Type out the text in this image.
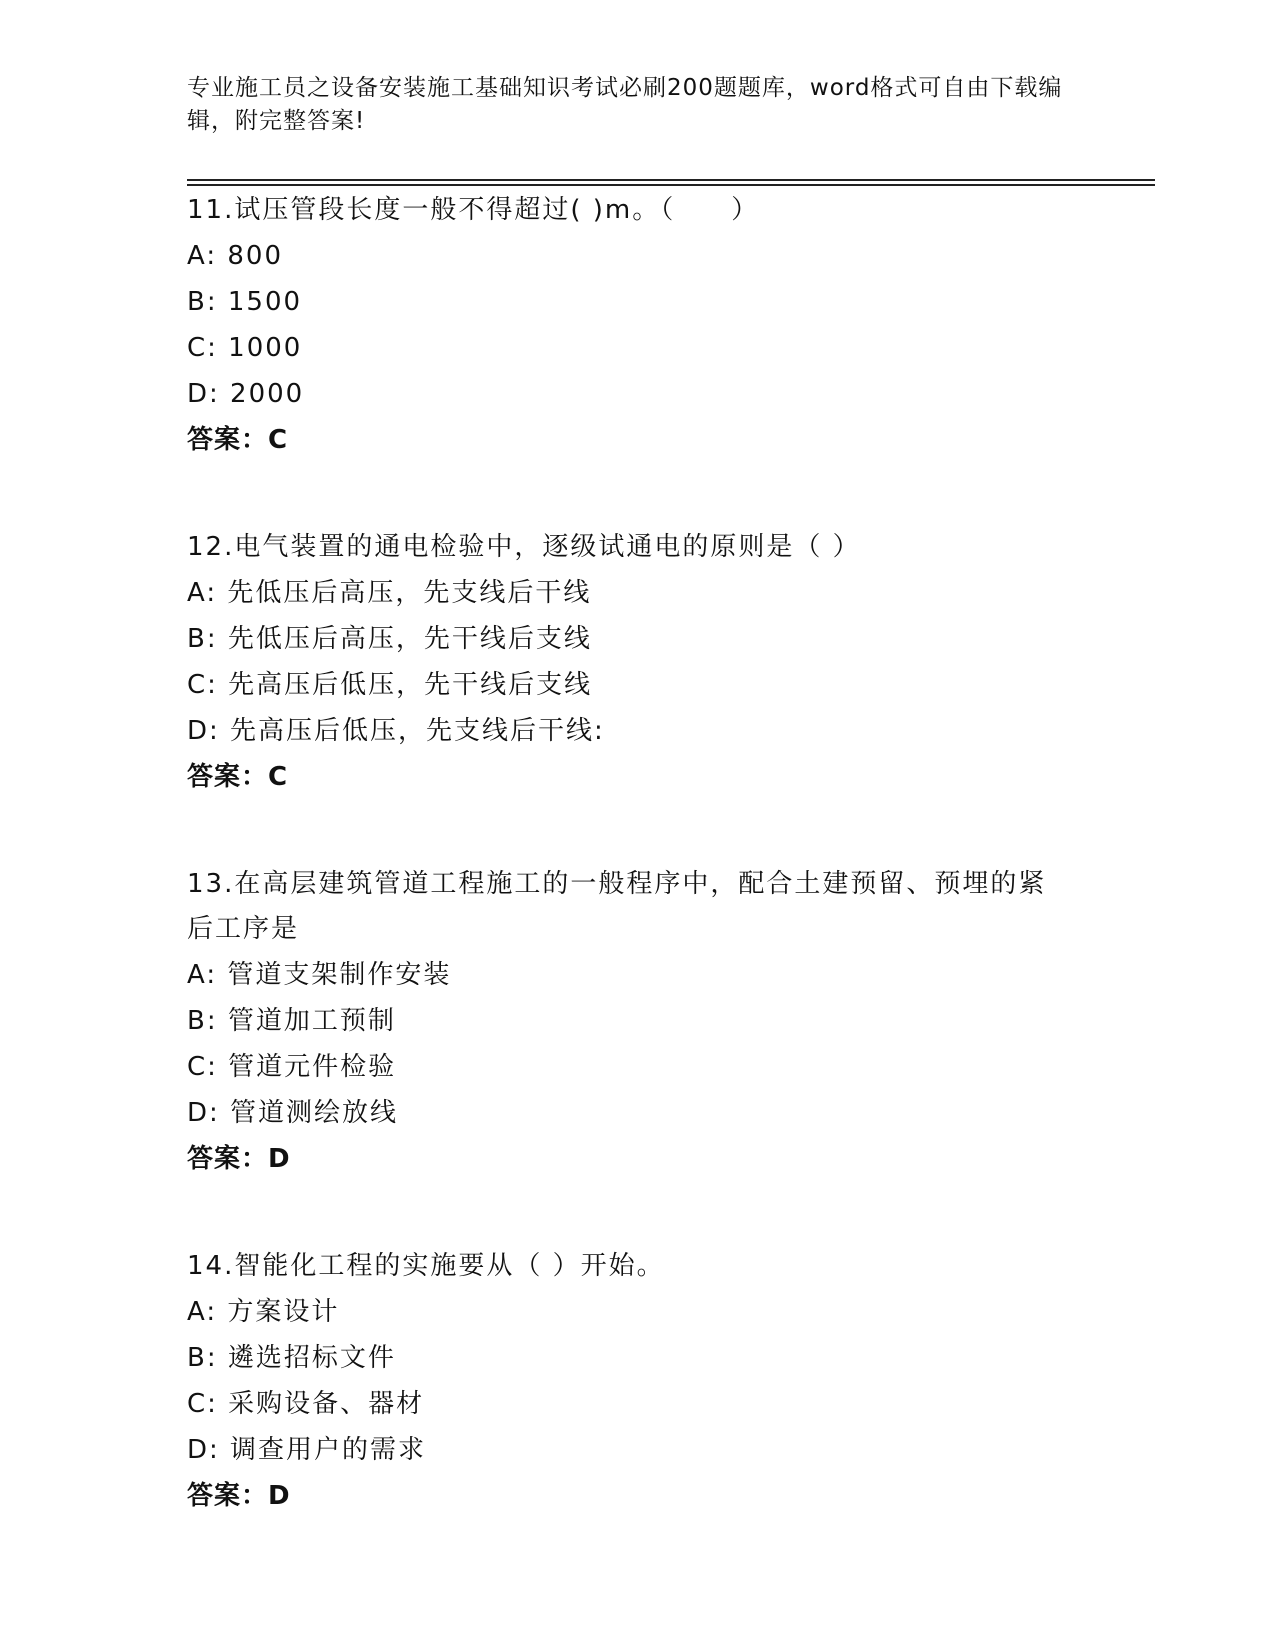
专业施工员之设备安装施工基础知识考试必刷200题题库，word格式可自由下载编辑，附完整答案!

11.试压管段长度一般不得超过( )m。（　　）

A: 800

B: 1500

C: 1000

D: 2000

答案：C

12.电气装置的通电检验中，逐级试通电的原则是（ ）

A: 先低压后高压，先支线后干线

B: 先低压后高压，先干线后支线

C: 先高压后低压，先干线后支线

D: 先高压后低压，先支线后干线:

答案：C

13.在高层建筑管道工程施工的一般程序中，配合土建预留、预埋的紧

后工序是

A: 管道支架制作安装

B: 管道加工预制

C: 管道元件检验

D: 管道测绘放线

答案：D

14.智能化工程的实施要从（ ）开始。

A: 方案设计

B: 遴选招标文件

C: 采购设备、器材

D: 调查用户的需求

答案：D
